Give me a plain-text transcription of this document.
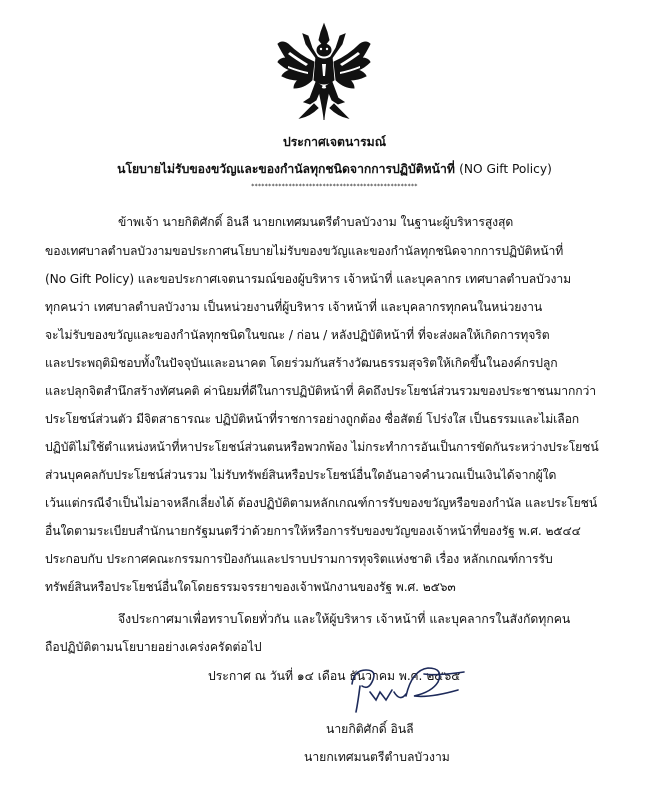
ประกาศเจตนารมณ์
นโยบายไม่รับของขวัญและของกำนัลทุกชนิดจากการปฏิบัติหน้าที่ (NO Gift Policy)
*************************************************
ข้าพเจ้า นายกิติศักดิ์ อินลี นายกเทศมนตรีตำบลบัวงาม ในฐานะผู้บริหารสูงสุด
ของเทศบาลตำบลบัวงามขอประกาศนโยบายไม่รับของขวัญและของกำนัลทุกชนิดจากการปฏิบัติหน้าที่
(No Gift Policy) และขอประกาศเจตนารมณ์ของผู้บริหาร เจ้าหน้าที่ และบุคลากร เทศบาลตำบลบัวงาม
ทุกคนว่า เทศบาลตำบลบัวงาม เป็นหน่วยงานที่ผู้บริหาร เจ้าหน้าที่ และบุคลากรทุกคนในหน่วยงาน
จะไม่รับของขวัญและของกำนัลทุกชนิดในขณะ / ก่อน / หลังปฏิบัติหน้าที่ ที่จะส่งผลให้เกิดการทุจริต
และประพฤติมิชอบทั้งในปัจจุบันและอนาคต โดยร่วมกันสร้างวัฒนธรรมสุจริตให้เกิดขึ้นในองค์กรปลูก
และปลุกจิตสำนึกสร้างทัศนคติ ค่านิยมที่ดีในการปฏิบัติหน้าที่ คิดถึงประโยชน์ส่วนรวมของประชาชนมากกว่า
ประโยชน์ส่วนตัว มีจิตสาธารณะ ปฏิบัติหน้าที่ราชการอย่างถูกต้อง ซื่อสัตย์ โปร่งใส เป็นธรรมและไม่เลือก
ปฏิบัติไม่ใช้ตำแหน่งหน้าที่หาประโยชน์ส่วนตนหรือพวกพ้อง ไม่กระทำการอันเป็นการขัดกันระหว่างประโยชน์
ส่วนบุคคลกับประโยชน์ส่วนรวม ไม่รับทรัพย์สินหรือประโยชน์อื่นใดอันอาจคำนวณเป็นเงินได้จากผู้ใด
เว้นแต่กรณีจำเป็นไม่อาจหลีกเลี่ยงได้ ต้องปฏิบัติตามหลักเกณฑ์การรับของขวัญหรือของกำนัล และประโยชน์
อื่นใดตามระเบียบสำนักนายกรัฐมนตรีว่าด้วยการให้หรือการรับของขวัญของเจ้าหน้าที่ของรัฐ พ.ศ. ๒๕๔๔
ประกอบกับ ประกาศคณะกรรมการป้องกันและปราบปรามการทุจริตแห่งชาติ เรื่อง หลักเกณฑ์การรับ
ทรัพย์สินหรือประโยชน์อื่นใดโดยธรรมจรรยาของเจ้าพนักงานของรัฐ พ.ศ. ๒๕๖๓
จึงประกาศมาเพื่อทราบโดยทั่วกัน และให้ผู้บริหาร เจ้าหน้าที่ และบุคลากรในสังกัดทุกคน
ถือปฏิบัติตามนโยบายอย่างเคร่งครัดต่อไป
ประกาศ ณ วันที่ ๑๔ เดือน ธันวาคม พ.ศ. ๒๕๖๕
นายกิติศักดิ์ อินลี
นายกเทศมนตรีตำบลบัวงาม
